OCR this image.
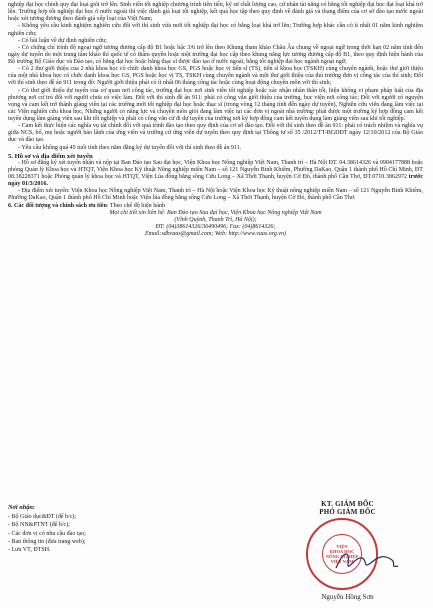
nghiệp đại học chính quy đạt loại giỏi trở lên. Sinh viên tốt nghiệp chương trình tiên tiến, kỹ sư chất lượng cao, cử nhân tài năng có bằng tốt nghiệp đại học đạt loại khá trở lên. Trường hợp tốt nghiệp đại học ở nước ngoài thì việc đánh giá loại tốt nghiệp, kết quả học tập theo quy định về đánh giá và thang điểm của cơ sở đào tạo nước ngoài hoặc xét tương đương theo đánh giá xếp loại của Việt Nam;

- Không yêu cầu kinh nghiệm nghiên cứu đối với thí sinh vừa mới tốt nghiệp đại học có bằng loại khá trở lên; Trường hợp khác cần có ít nhất 01 năm kinh nghiệm nghiên cứu;

- Có bài luận về dự định nghiên cứu;

- Có chứng chỉ trình độ ngoại ngữ tương đương cấp độ B1 hoặc bậc 3/6 trở lên theo Khung tham khảo Châu Âu chung về ngoại ngữ trong thời hạn 02 năm tính đến ngày dự tuyển do một trung tâm khảo thí quốc tế có thẩm quyền hoặc một trường đại học cấp theo khung năng lực tương đương cấp độ B1, theo quy định hiện hành của Bộ trưởng Bộ Giáo dục và Đào tạo, có bằng đại học hoặc bằng thạc sĩ được đào tạo ở nước ngoài, bằng tốt nghiệp đại học ngành ngoại ngữ;

- Có 2 thư giới thiệu của 2 nhà khoa học có chức danh khoa học GS, PGS hoặc học vị tiến sĩ (TS), tiến sĩ khoa học (TSKH) cùng chuyên ngành, hoặc thư giới thiệu của một nhà khoa học có chức danh khoa học GS, PGS hoặc học vị TS, TSKH cùng chuyên ngành và một thư giới thiệu của thủ trưởng đơn vị công tác của thí sinh; Đối với thí sinh theo đề án 911 trong đó: Người giới thiệu phải có ít nhất 06 tháng công tác hoặc cùng hoạt động chuyên môn với thí sinh;

- Có thư giới thiệu dự tuyển của cơ quan nơi công tác, trường đại học nơi sinh viên tốt nghiệp hoặc xác nhận nhân thân tốt, hiện không vi phạm pháp luật của địa phương nơi cư trú đối với người chưa có việc làm. Đối với thí sinh đề án 911: phải có công văn giới thiệu của trường, học viện nơi công tác; Đối với người có nguyện vọng và cam kết trở thành giảng viên tại các trường mới tốt nghiệp đại học hoặc thạc sĩ (trong vòng 12 tháng tính đến ngày dự tuyển), Nghiên cứu viên đang làm việc tại các Viện nghiên cứu khoa học, Những người có năng lực và chuyên môn giỏi đang làm việc tại các đơn vị ngoài nhà trường: phải được một trường ký hợp đồng cam kết tuyển dụng làm giảng viên sau khi tốt nghiệp và phải có công văn cử đi dự tuyển của trường nơi ký hợp đồng cam kết tuyển dụng làm giảng viên sau khi tốt nghiệp.

- Cam kết thực hiện các nghĩa vụ tài chính đối với quá trình đào tạo theo quy định của cơ sở đào tạo. Đối với thí sinh theo đề án 911: phải có trách nhiệm và nghĩa vụ giữa NCS, bố, mẹ hoặc người bảo lãnh của ứng viên và trường cử ứng viên dự tuyển theo quy định tại Thông tư số 35 /2012/TT-BGDĐT ngày 12/10/2012 của Bộ Giáo dục và đào tạo.

- Yêu cầu không quá 45 tuổi tính theo năm đăng ký dự tuyển đối với thí sinh theo đề án 911.

5. Hồ sơ và địa điểm xét tuyển

- Hồ sơ đăng ký xét tuyển nhận và nộp tại Ban Đào tạo Sau đại học, Viện Khoa học Nông nghiệp Việt Nam, Thanh trì – Hà Nội ĐT. 04.38614326 và 0904177888 hoặc phòng Quản lý Khoa học và HTQT, Viện Khoa học Kỹ thuật Nông nghiệp miền Nam – số 121 Nguyễn Bỉnh Khiêm, Phường DaKao, Quận 1 thành phố Hồ Chí Minh, ĐT 08.38228371 hoặc Phòng quản lý khoa học và HTQT, Viện Lúa đồng bằng sông Cửu Long – Xã Thới Thạnh, huyện Cờ Đỏ, thành phố Cần Thơ, ĐT.0710.3862972 trước ngày 01/3/2016.

- Địa điểm xét tuyển: Viện Khoa học Nông nghiệp Việt Nam, Thanh trì – Hà Nội hoặc Viện Khoa học Kỹ thuật nông nghiệp miền Nam – số 121 Nguyễn Bỉnh Khiêm, Phường DaKao, Quận 1 thành phố Hồ Chí Minh hoặc Viện lúa đồng bằng sông Cửu Long – Xã Thới Thạnh, huyện Cờ Đỏ, thành phố Cần Thơ.

6. Các đối tượng và chính sách ưu tiên: Theo chế độ hiện hành

Mọi chi tiết xin liên hệ: Ban Đào tạo Sau đại học, Viện Khoa học Nông nghiệp Việt Nam
(Vĩnh Quỳnh, Thanh Trì, Hà Nội);
ĐT: (04)38614326/36490496; Fax: (04)8614326;
Email:sdhvaas@gmail.com; Web: http://www.vaas.org.vn)
Nơi nhận:
- Bộ Giáo dục&ĐT (để b/c);
- Bộ NN&PTNT (để b/c);
- Các đơn vị có nhu cầu đào tạo;
- Ban thông tin (đưa trang web);
- Lưu VT, ĐTSH.
KT. GIÁM ĐỐC
PHÓ GIÁM ĐỐC
VIỆN
KHOA HỌC
NÔNG NGHIỆP
VIỆT NAM
Nguyễn Hồng Sơn
